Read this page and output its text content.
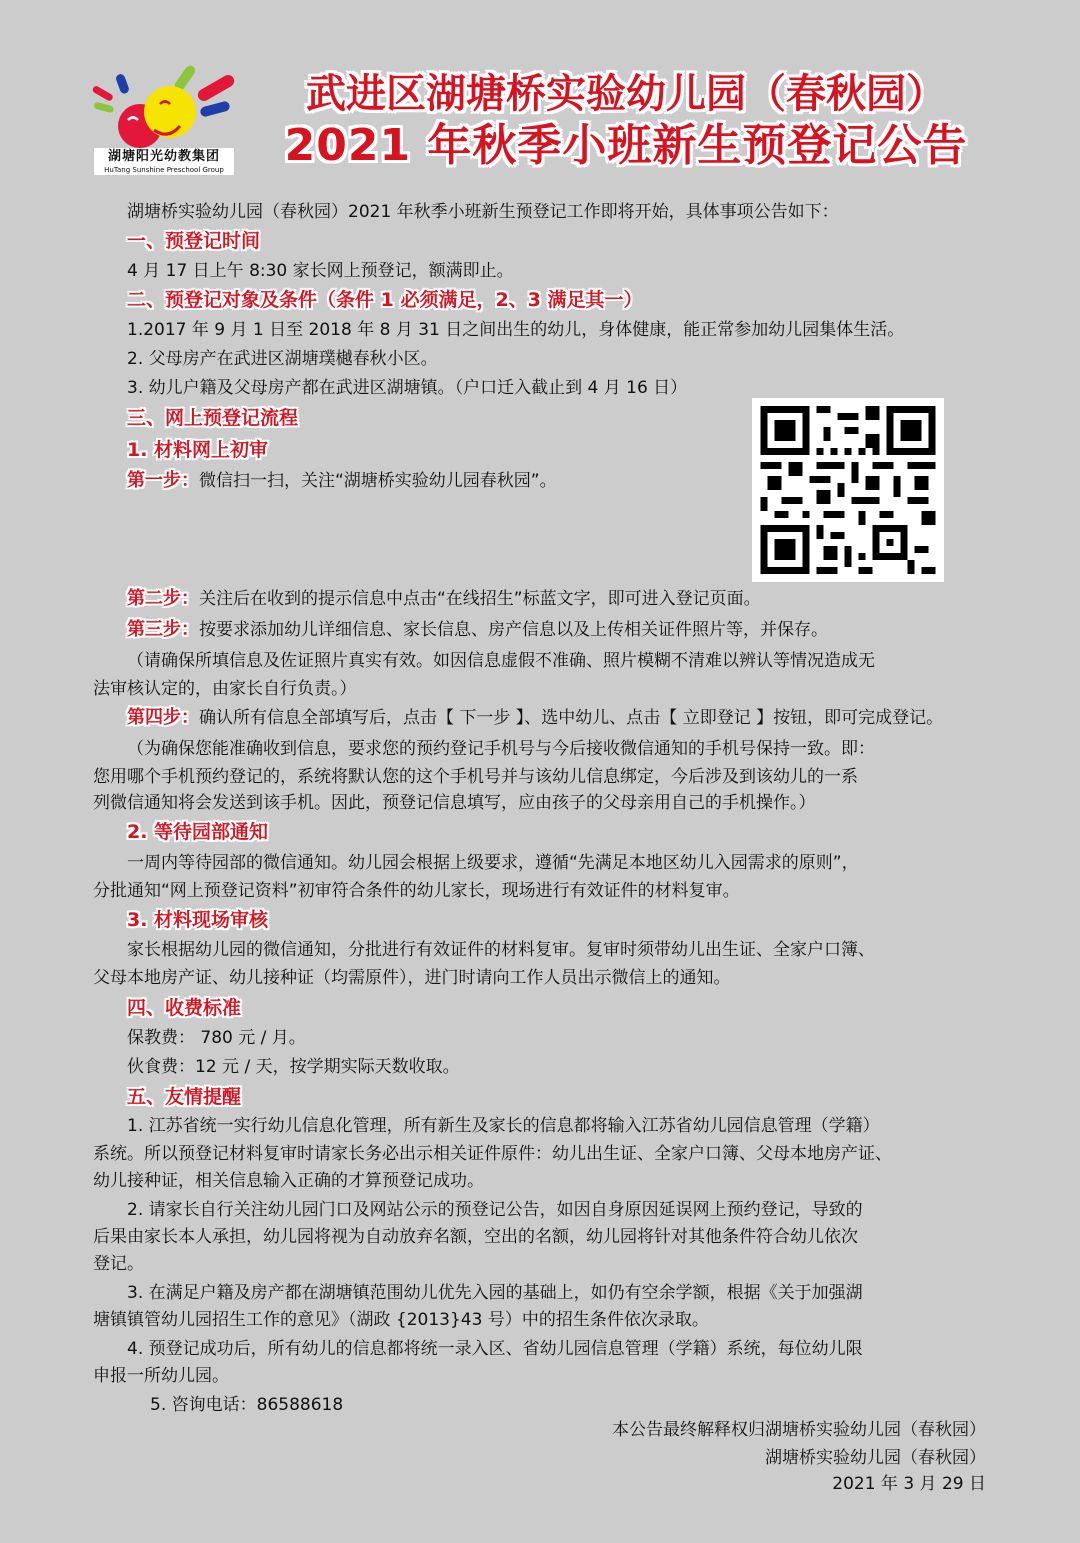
湖塘阳光幼教集团
HuTang Sunshine Preschool Group
武进区湖塘桥实验幼儿园（春秋园）
2021 年秋季小班新生预登记公告
湖塘桥实验幼儿园（春秋园）2021 年秋季小班新生预登记工作即将开始，具体事项公告如下：
一、预登记时间
4 月 17 日上午 8:30 家长网上预登记，额满即止。
二、预登记对象及条件（条件 1 必须满足，2、3 满足其一）
1.2017 年 9 月 1 日至 2018 年 8 月 31 日之间出生的幼儿，身体健康，能正常参加幼儿园集体生活。
2. 父母房产在武进区湖塘璞樾春秋小区。
3. 幼儿户籍及父母房产都在武进区湖塘镇。（户口迁入截止到 4 月 16 日）
三、网上预登记流程
1. 材料网上初审
第一步：微信扫一扫，关注“湖塘桥实验幼儿园春秋园”。
第二步：关注后在收到的提示信息中点击“在线招生”标蓝文字，即可进入登记页面。
第三步：按要求添加幼儿详细信息、家长信息、房产信息以及上传相关证件照片等，并保存。
（请确保所填信息及佐证照片真实有效。如因信息虚假不准确、照片模糊不清难以辨认等情况造成无
法审核认定的，由家长自行负责。）
第四步：确认所有信息全部填写后，点击【 下一步 】、选中幼儿、点击【 立即登记 】按钮，即可完成登记。
（为确保您能准确收到信息，要求您的预约登记手机号与今后接收微信通知的手机号保持一致。即：
您用哪个手机预约登记的，系统将默认您的这个手机号并与该幼儿信息绑定，今后涉及到该幼儿的一系
列微信通知将会发送到该手机。因此，预登记信息填写，应由孩子的父母亲用自己的手机操作。）
2. 等待园部通知
一周内等待园部的微信通知。幼儿园会根据上级要求，遵循“先满足本地区幼儿入园需求的原则”，
分批通知“网上预登记资料”初审符合条件的幼儿家长，现场进行有效证件的材料复审。
3. 材料现场审核
家长根据幼儿园的微信通知，分批进行有效证件的材料复审。复审时须带幼儿出生证、全家户口簿、
父母本地房产证、幼儿接种证（均需原件），进门时请向工作人员出示微信上的通知。
四、收费标准
保教费： 780 元 / 月。
伙食费：12 元 / 天，按学期实际天数收取。
五、友情提醒
1. 江苏省统一实行幼儿信息化管理，所有新生及家长的信息都将输入江苏省幼儿园信息管理（学籍）
系统。所以预登记材料复审时请家长务必出示相关证件原件：幼儿出生证、全家户口簿、父母本地房产证、
幼儿接种证，相关信息输入正确的才算预登记成功。
2. 请家长自行关注幼儿园门口及网站公示的预登记公告，如因自身原因延误网上预约登记，导致的
后果由家长本人承担，幼儿园将视为自动放弃名额，空出的名额，幼儿园将针对其他条件符合幼儿依次
登记。
3. 在满足户籍及房产都在湖塘镇范围幼儿优先入园的基础上，如仍有空余学额，根据《关于加强湖
塘镇镇管幼儿园招生工作的意见》（湖政 {2013}43 号）中的招生条件依次录取。
4. 预登记成功后，所有幼儿的信息都将统一录入区、省幼儿园信息管理（学籍）系统，每位幼儿限
申报一所幼儿园。
5. 咨询电话：86588618
本公告最终解释权归湖塘桥实验幼儿园（春秋园）
湖塘桥实验幼儿园（春秋园）
2021 年 3 月 29 日
